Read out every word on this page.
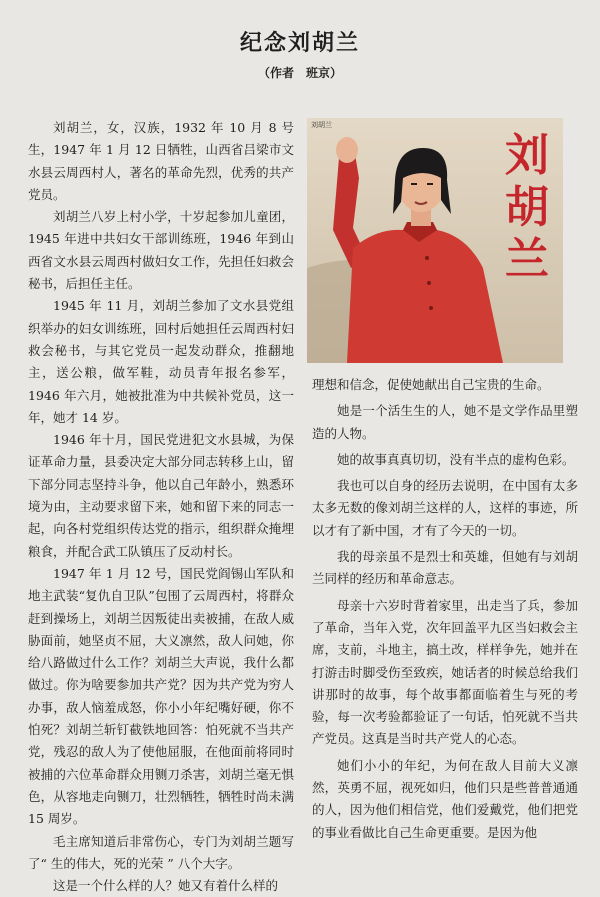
纪念刘胡兰
（作者　班京）

刘胡兰，女，汉族，1932 年 10 月 8 号生，1947 年 1 月 12 日牺牲，山西省吕梁市文水县云周西村人，著名的革命先烈，优秀的共产党员。

刘胡兰八岁上村小学，十岁起参加儿童团，1945 年进中共妇女干部训练班，1946 年到山西省文水县云周西村做妇女工作，先担任妇救会秘书，后担任主任。

1945 年 11 月，刘胡兰参加了文水县党组织举办的妇女训练班，回村后她担任云周西村妇救会秘书，与其它党员一起发动群众，推翻地主，送公粮，做军鞋，动员青年报名参军，1946 年六月，她被批准为中共候补党员，这一年，她才 14 岁。

1946 年十月，国民党进犯文水县城，为保证革命力量，县委决定大部分同志转移上山，留下部分同志坚持斗争，他以自己年龄小，熟悉环境为由，主动要求留下来，她和留下来的同志一起，向各村党组织传达党的指示，组织群众掩埋粮食，并配合武工队镇压了反动村长。

1947 年 1 月 12 号，国民党阎锡山军队和地主武装“复仇自卫队”包围了云周西村，将群众赶到操场上，刘胡兰因叛徒出卖被捕，在敌人威胁面前，她坚贞不屈，大义凛然，敌人问她，你给八路做过什么工作？刘胡兰大声说，我什么都做过。你为啥要参加共产党？因为共产党为穷人办事，敌人恼羞成怒，你小小年纪嘴好硬，你不怕死？刘胡兰斩钉截铁地回答：怕死就不当共产党，残忍的敌人为了使他屈服，在他面前将同时被捕的六位革命群众用铡刀杀害，刘胡兰毫无惧色，从容地走向铡刀，壮烈牺牲，牺牲时尚未满 15 周岁。

毛主席知道后非常伤心，专门为刘胡兰题写了“ 生的伟大，死的光荣 ” 八个大字。

这是一个什么样的人？她又有着什么样的

刘胡兰
刘
胡
兰

理想和信念，促使她献出自己宝贵的生命。

她是一个活生生的人，她不是文学作品里塑造的人物。

她的故事真真切切，没有半点的虚构色彩。

我也可以自身的经历去说明，在中国有太多太多无数的像刘胡兰这样的人，这样的事迹，所以才有了新中国，才有了今天的一切。

我的母亲虽不是烈士和英雄，但她有与刘胡兰同样的经历和革命意志。

母亲十六岁时背着家里，出走当了兵，参加了革命，当年入党，次年回盖平九区当妇救会主席，支前，斗地主，搞土改，样样争先，她并在打游击时脚受伤至致疾，她话者的时候总给我们讲那时的故事，每个故事都面临着生与死的考验，每一次考验都验证了一句话，怕死就不当共产党员。这真是当时共产党人的心态。

她们小小的年纪，为何在敌人目前大义凛然，英勇不屈，视死如归，他们只是些普普通通的人，因为他们相信党，他们爱戴党，他们把党的事业看做比自己生命更重要。是因为他
